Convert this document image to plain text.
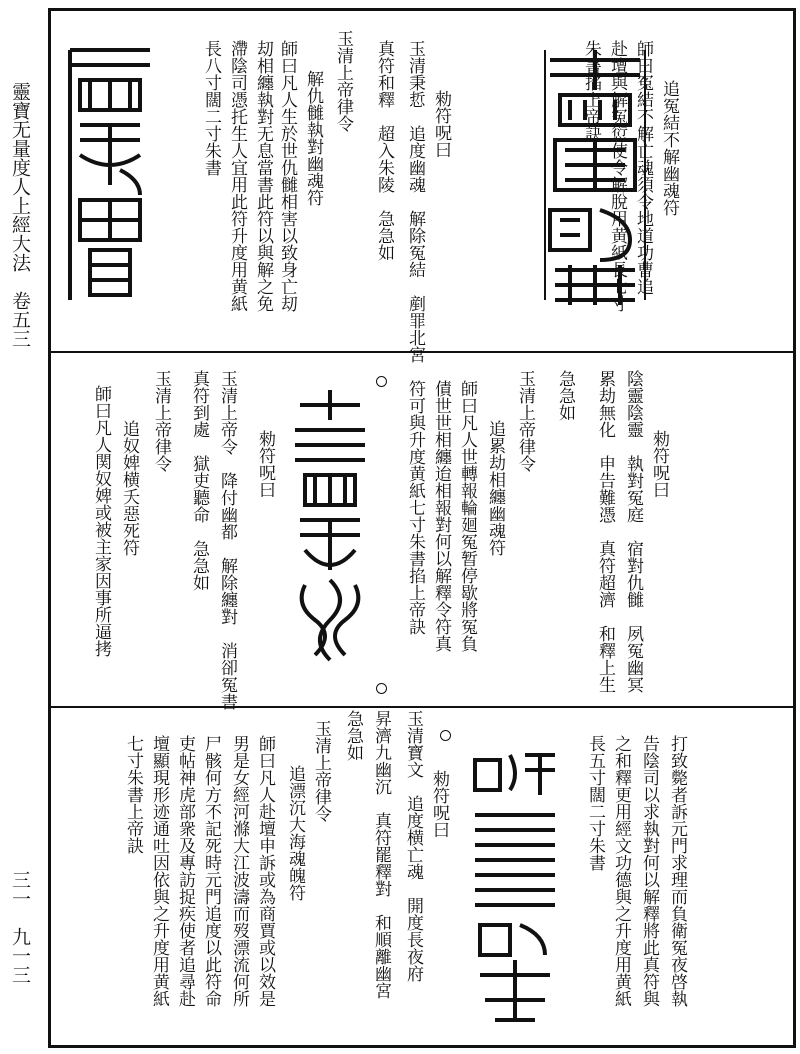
靈寶无量度人上經大法　卷五三
三一　九一三
追冤結不解幽魂符
師曰冤結不解亡魂須令地道功曹追
赴壇與解冤愆使令解脫用黄紙長七寸
朱書掐上帝訣
勑符呪曰
玉清秉悊　追度幽魂　解除冤結　剷罪北宮
真符和釋　超入朱陵　急急如
玉清上帝律令
解仇雠執對幽魂符
師曰凡人生於世仇雠相害以致身亡刧
刧相纏執對无息當書此符以與解之免
滯陰司憑托生人宜用此符升度用黄紙
長八寸闊二寸朱書
急急如	陰靈陰靈　執對冤庭　宿對仇雠　夙冤幽冥
累劫無化　申告難憑　真符超濟　和釋上生 勑符呪曰
玉清上帝律令
追累劫相纏幽魂符
師曰凡人世轉報輪廻冤暂停歇將冤負
債世世相纏迨相報對何以解釋令符真
符可與升度黄紙七寸朱書掐上帝訣
玉清上帝令　降付幽都　解除纏對　消卻冤書
真符到處　獄吏聽命　急急如	勑符呪曰
玉清上帝律令
追奴婢横夭惡死符
師曰凡人関奴婢或被主家因事所逼拷
打致斃者訴元門求理而負衛冤夜啓執
告陰司以求執對何以解釋將此真符與
之和釋更用經文功德與之升度用黄紙
長五寸闊二寸朱書
勑符呪曰
玉清寶文　追度横亡魂　開度長夜府
昇濟九幽沉　真符罷釋對　和順離幽宮
急急如
玉清上帝律令
追漂沉大海魂魄符
師曰凡人赴壇申訴或為商賈或以效是
男是女經河滌大江波濤而歿漂流何所
尸骸何方不記死時元門追度以此符命
吏帖神虎部衆及專訪捉疾使者追尋赴
壇顯現形迹通吐因依與之升度用黄紙
七寸朱書上帝訣
